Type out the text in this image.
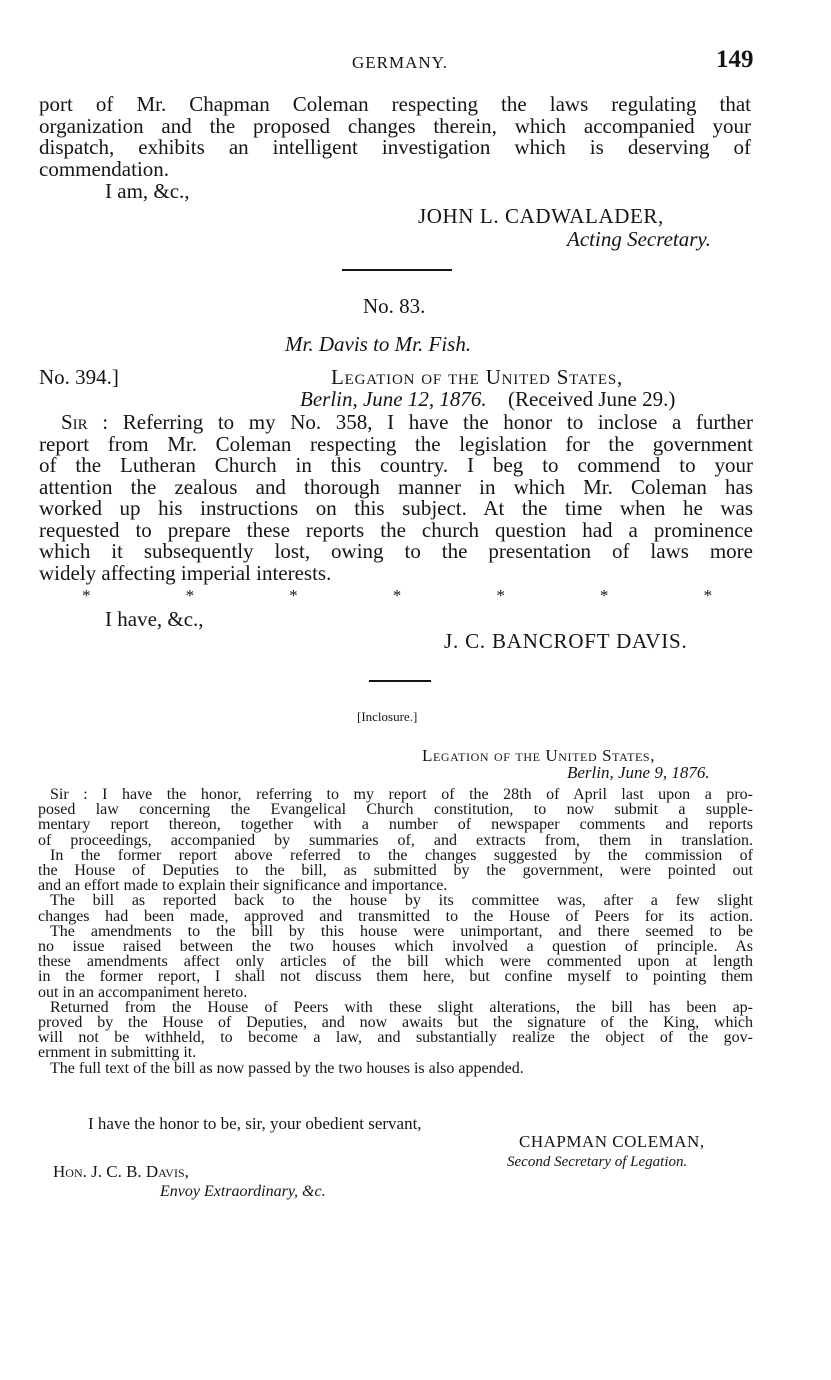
GERMANY.	149
port of Mr. Chapman Coleman respecting the laws regulating that
organization and the proposed changes therein, which accompanied your
dispatch, exhibits an intelligent investigation which is deserving of
commendation.
I am, &c.,
JOHN L. CADWALADER,
Acting Secretary.
No. 83.
Mr. Davis to Mr. Fish.
No. 394.]	Legation of the United States,
Berlin, June 12, 1876. (Received June 29.)
Sir : Referring to my No. 358, I have the honor to inclose a further
report from Mr. Coleman respecting the legislation for the government
of the Lutheran Church in this country. I beg to commend to your
attention the zealous and thorough manner in which Mr. Coleman has
worked up his instructions on this subject. At the time when he was
requested to prepare these reports the church question had a prominence
which it subsequently lost, owing to the presentation of laws more
widely affecting imperial interests.
*	*	*	*	*	*	*
I have, &c.,
J. C. BANCROFT DAVIS.
[Inclosure.]
Legation of the United States,
Berlin, June 9, 1876.
Sir : I have the honor, referring to my report of the 28th of April last upon a pro-
posed law concerning the Evangelical Church constitution, to now submit a supple-
mentary report thereon, together with a number of newspaper comments and reports
of proceedings, accompanied by summaries of, and extracts from, them in translation.
In the former report above referred to the changes suggested by the commission of
the House of Deputies to the bill, as submitted by the government, were pointed out
and an effort made to explain their significance and importance.
The bill as reported back to the house by its committee was, after a few slight
changes had been made, approved and transmitted to the House of Peers for its action.
The amendments to the bill by this house were unimportant, and there seemed to be
no issue raised between the two houses which involved a question of principle. As
these amendments affect only articles of the bill which were commented upon at length
in the former report, I shall not discuss them here, but confine myself to pointing them
out in an accompaniment hereto.
Returned from the House of Peers with these slight alterations, the bill has been ap-
proved by the House of Deputies, and now awaits but the signature of the King, which
will not be withheld, to become a law, and substantially realize the object of the gov-
ernment in submitting it.
The full text of the bill as now passed by the two houses is also appended.
I have the honor to be, sir, your obedient servant,
CHAPMAN COLEMAN,
Second Secretary of Legation.
Hon. J. C. B. Davis,
Envoy Extraordinary, &c.
